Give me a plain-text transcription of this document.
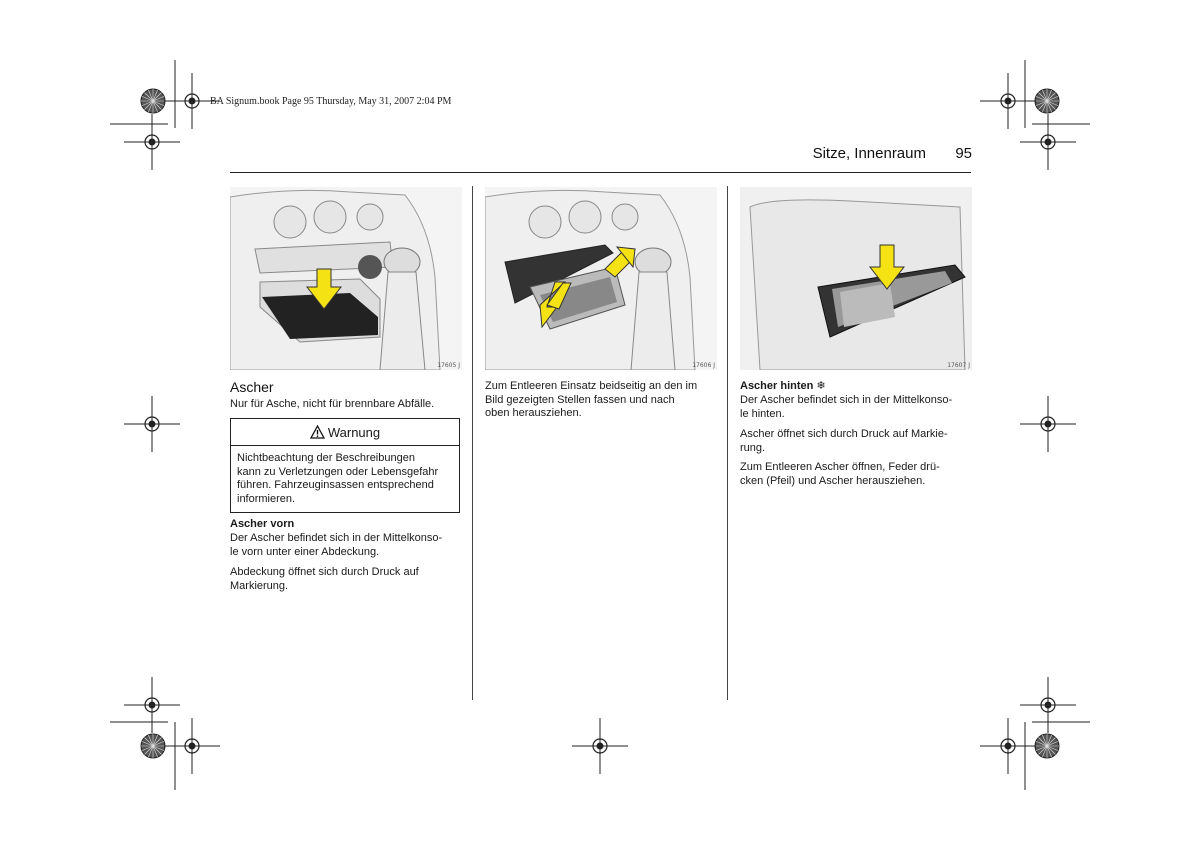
BA Signum.book Page 95 Thursday, May 31, 2007 2:04 PM
Sitze, Innenraum	95
17605 J	17606 J	17607 J
Ascher
Nur für Asche, nicht für brennbare Abfälle.
Warnung
Nichtbeachtung der Beschreibungen
kann zu Verletzungen oder Lebensgefahr
führen. Fahrzeuginsassen entsprechend
informieren.
Ascher vorn
Der Ascher befindet sich in der Mittelkonso-
le vorn unter einer Abdeckung.
Abdeckung öffnet sich durch Druck auf
Markierung.
Zum Entleeren Einsatz beidseitig an den im
Bild gezeigten Stellen fassen und nach
oben herausziehen.
Ascher hinten ❄
Der Ascher befindet sich in der Mittelkonso-
le hinten.
Ascher öffnet sich durch Druck auf Markie-
rung.
Zum Entleeren Ascher öffnen, Feder drü-
cken (Pfeil) und Ascher herausziehen.
